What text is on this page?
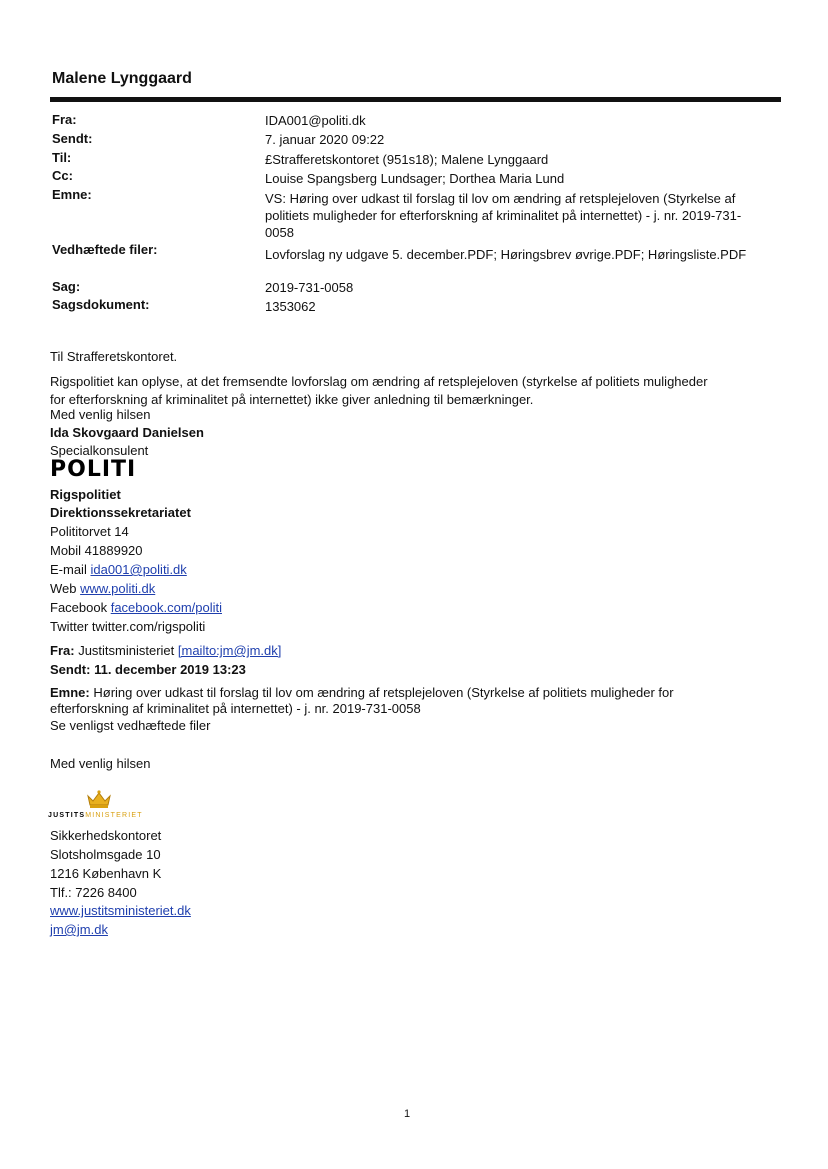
Malene Lynggaard
Fra:	IDA001@politi.dk
Sendt:	7. januar 2020 09:22
Til:	£Strafferetskontoret (951s18); Malene Lynggaard
Cc:	Louise Spangsberg Lundsager; Dorthea Maria Lund
Emne:	VS: Høring over udkast til forslag til lov om ændring af retsplejeloven (Styrkelse af politiets muligheder for efterforskning af kriminalitet på internettet) - j. nr. 2019-731-0058
Vedhæftede filer:	Lovforslag ny udgave 5. december.PDF; Høringsbrev øvrige.PDF; Høringsliste.PDF
Sag:	2019-731-0058
Sagsdokument:	1353062
Til Strafferetskontoret.
Rigspolitiet kan oplyse, at det fremsendte lovforslag om ændring af retsplejeloven (styrkelse af politiets muligheder
for efterforskning af kriminalitet på internettet) ikke giver anledning til bemærkninger.
Med venlig hilsen
Ida Skovgaard Danielsen
Specialkonsulent
POLITI
Rigspolitiet
Direktionssekretariatet
Polititorvet 14
Mobil 41889920
E-mail ida001@politi.dk
Web www.politi.dk
Facebook facebook.com/politi
Twitter twitter.com/rigspoliti
Fra: Justitsministeriet [mailto:jm@jm.dk]
Sendt: 11. december 2019 13:23
Emne: Høring over udkast til forslag til lov om ændring af retsplejeloven (Styrkelse af politiets muligheder for
efterforskning af kriminalitet på internettet) - j. nr. 2019-731-0058
Se venligst vedhæftede filer
Med venlig hilsen
JUSTITSMINISTERIET
Sikkerhedskontoret
Slotsholmsgade 10
1216 København K
Tlf.: 7226 8400
www.justitsministeriet.dk
jm@jm.dk
1
